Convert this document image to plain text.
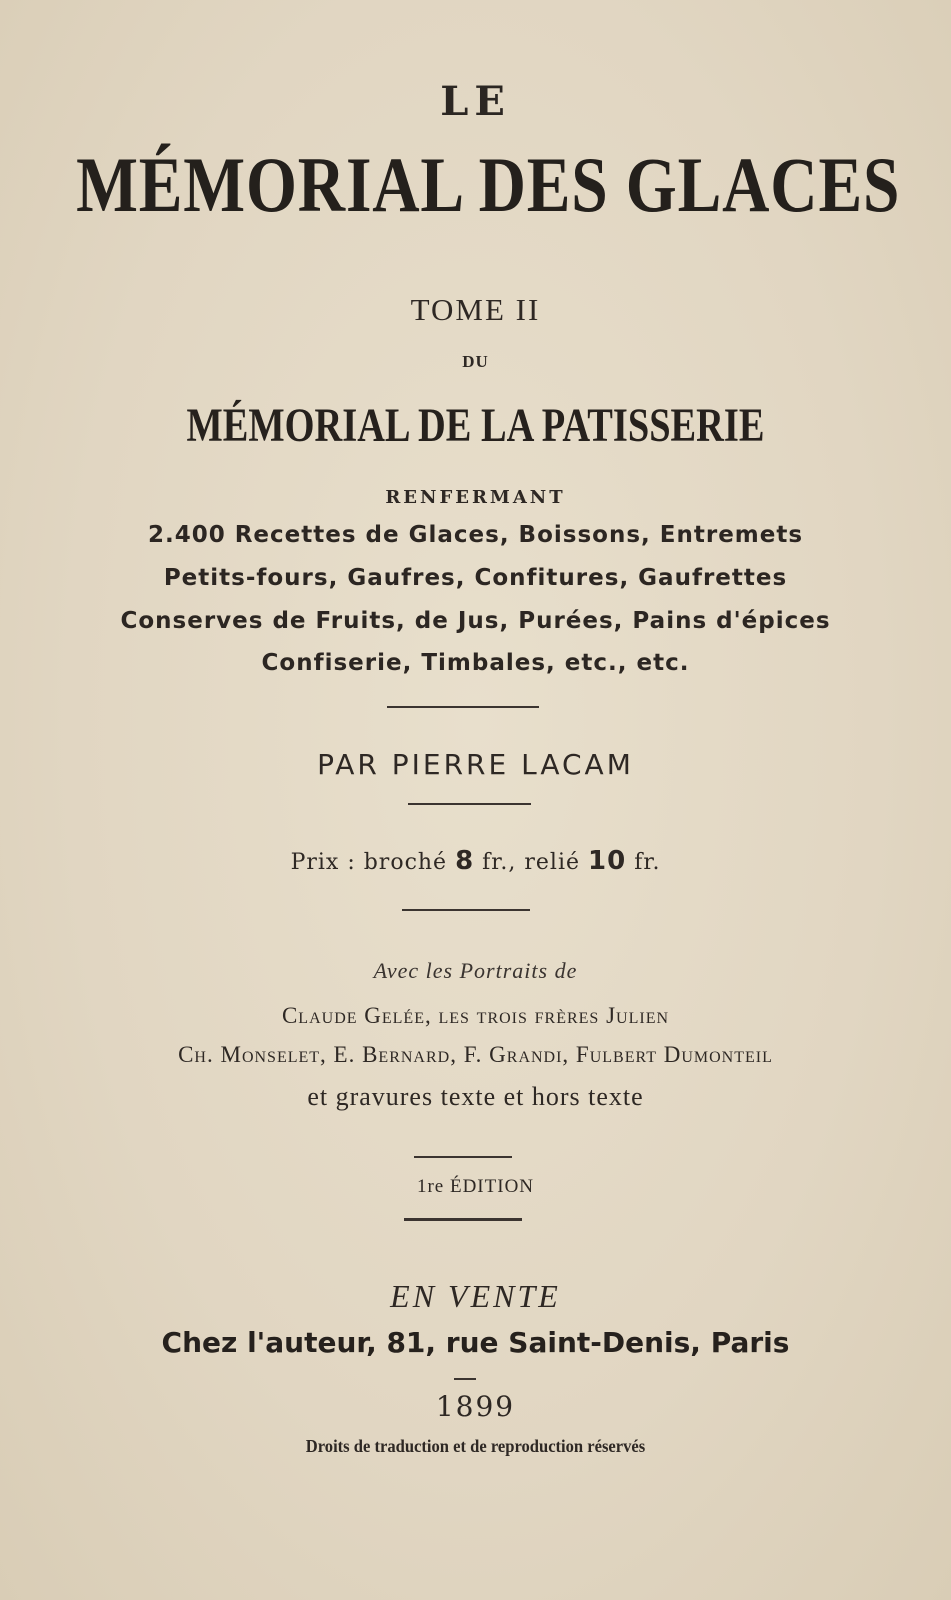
LE
MÉMORIAL DES GLACES
TOME II
DU
MÉMORIAL DE LA PATISSERIE
RENFERMANT
2.400 Recettes de Glaces, Boissons, Entremets
Petits-fours, Gaufres, Confitures, Gaufrettes
Conserves de Fruits, de Jus, Purées, Pains d'épices
Confiserie, Timbales, etc., etc.
PAR PIERRE LACAM
Prix : broché 8 fr., relié 10 fr.
Avec les Portraits de
Claude Gelée, les trois frères Julien
Ch. Monselet, E. Bernard, F. Grandi, Fulbert Dumonteil
et gravures texte et hors texte
1re ÉDITION
EN VENTE
Chez l'auteur, 81, rue Saint-Denis, Paris
1899
Droits de traduction et de reproduction réservés
